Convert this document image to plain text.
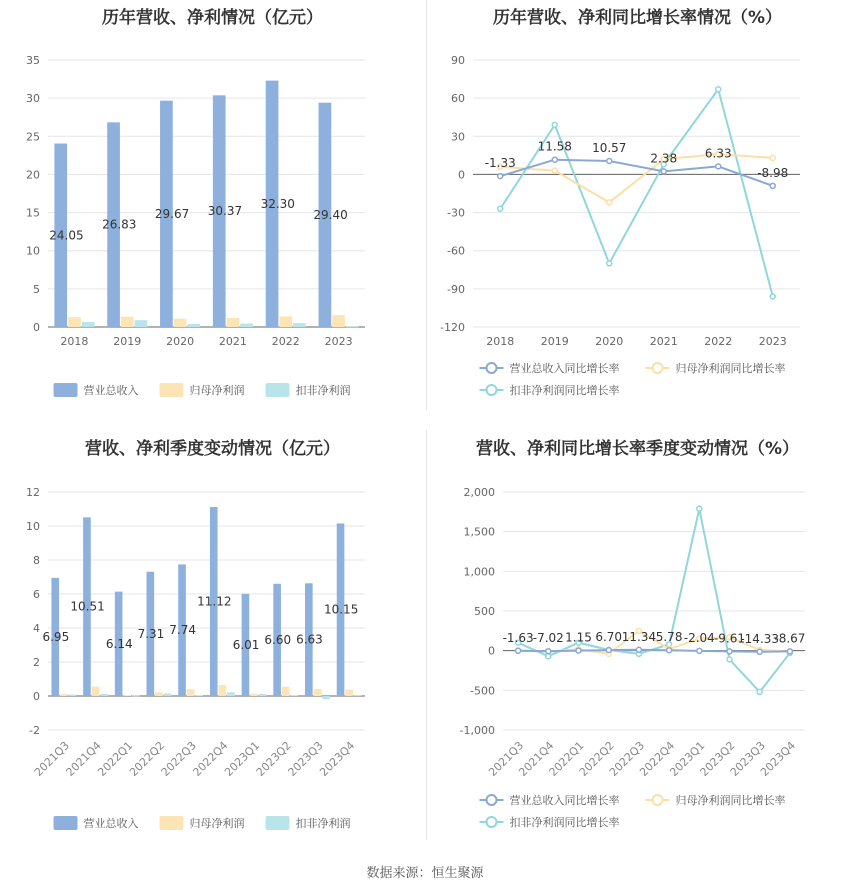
历年营收、净利情况（亿元）
0
5
10
15
20
25
30
35
24.05
26.83
29.67 30.37
32.30
29.40
2018 2019 2020 2021 2022 2023
营业总收入	归母净利润	扣非净利润
历年营收、净利同比增长率情况（%）
-120
-90
-60
-30
0
30
60
90
-1.33
11.58 10.57
2.38 6.33
-8.98
2018 2019 2020 2021 2022 2023
营业总收入同比增长率	归母净利润同比增长率
扣非净利润同比增长率
营收、净利季度变动情况（亿元）
-2
0
2
4
6
8
10
12
6.95
10.51
6.14
7.31 7.74
11.12
6.01 6.60 6.63
10.15
2021Q3
2021Q4
2022Q1
2022Q2
2022Q3
2022Q4
2023Q1
2023Q2
2023Q3
2023Q4
营业总收入	归母净利润	扣非净利润
营收、净利同比增长率季度变动情况（%）
-1,000
-500
0
500
1,000
1,500
2,000
-1.63 -7.02 1.15 6.70 11.34 5.78 -2.04 -9.61
-14.33
-8.67
2021Q3
2021Q4
2022Q1
2022Q2
2022Q3
2022Q4
2023Q1
2023Q2
2023Q3
2023Q4
营业总收入同比增长率	归母净利润同比增长率
扣非净利润同比增长率
数据来源：恒生聚源
